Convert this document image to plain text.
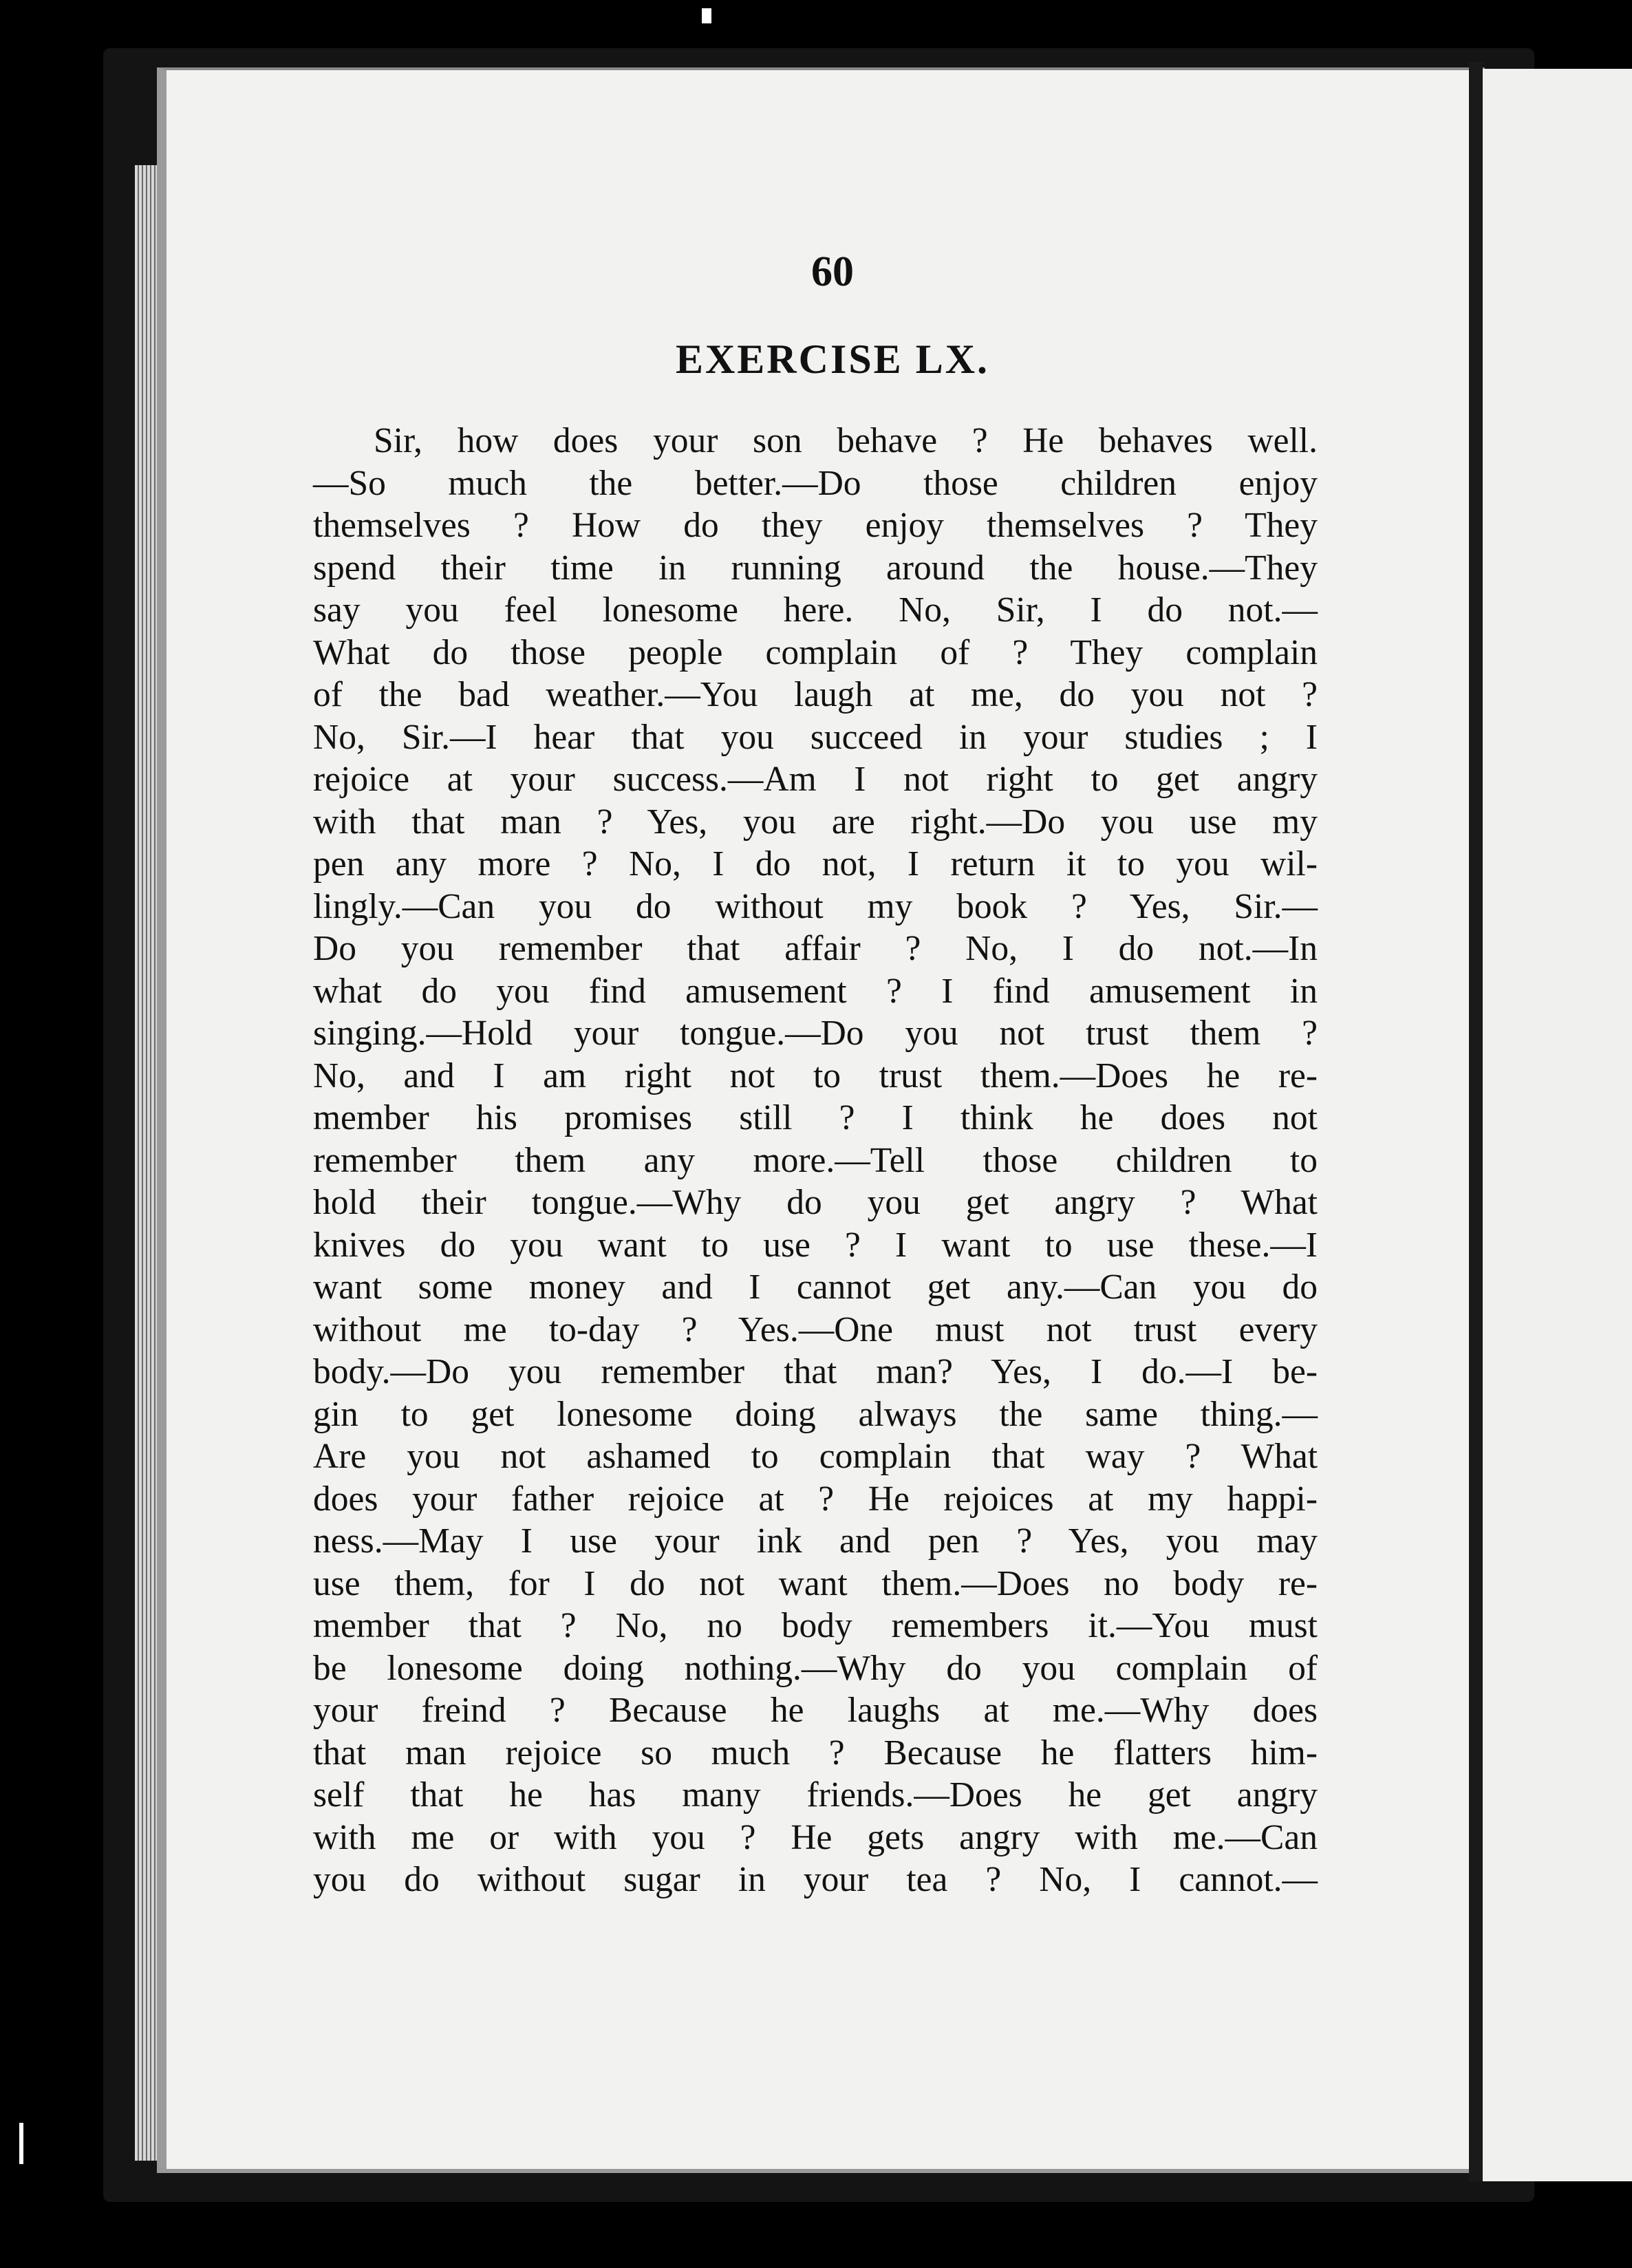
60
EXERCISE LX.
Sir, how does your son behave ? He behaves well.
—So much the better.—Do those children enjoy
themselves ? How do they enjoy themselves ? They
spend their time in running around the house.—They
say you feel lonesome here. No, Sir, I do not.—
What do those people complain of ? They complain
of the bad weather.—You laugh at me, do you not ?
No, Sir.—I hear that you succeed in your studies ; I
rejoice at your success.—Am I not right to get angry
with that man ? Yes, you are right.—Do you use my
pen any more ? No, I do not, I return it to you wil-
lingly.—Can you do without my book ? Yes, Sir.—
Do you remember that affair ? No, I do not.—In
what do you find amusement ? I find amusement in
singing.—Hold your tongue.—Do you not trust them ?
No, and I am right not to trust them.—Does he re-
member his promises still ? I think he does not
remember them any more.—Tell those children to
hold their tongue.—Why do you get angry ? What
knives do you want to use ? I want to use these.—I
want some money and I cannot get any.—Can you do
without me to-day ? Yes.—One must not trust every
body.—Do you remember that man? Yes, I do.—I be-
gin to get lonesome doing always the same thing.—
Are you not ashamed to complain that way ? What
does your father rejoice at ? He rejoices at my happi-
ness.—May I use your ink and pen ? Yes, you may
use them, for I do not want them.—Does no body re-
member that ? No, no body remembers it.—You must
be lonesome doing nothing.—Why do you complain of
your freind ? Because he laughs at me.—Why does
that man rejoice so much ? Because he flatters him-
self that he has many friends.—Does he get angry
with me or with you ? He gets angry with me.—Can
you do without sugar in your tea ? No, I cannot.—
